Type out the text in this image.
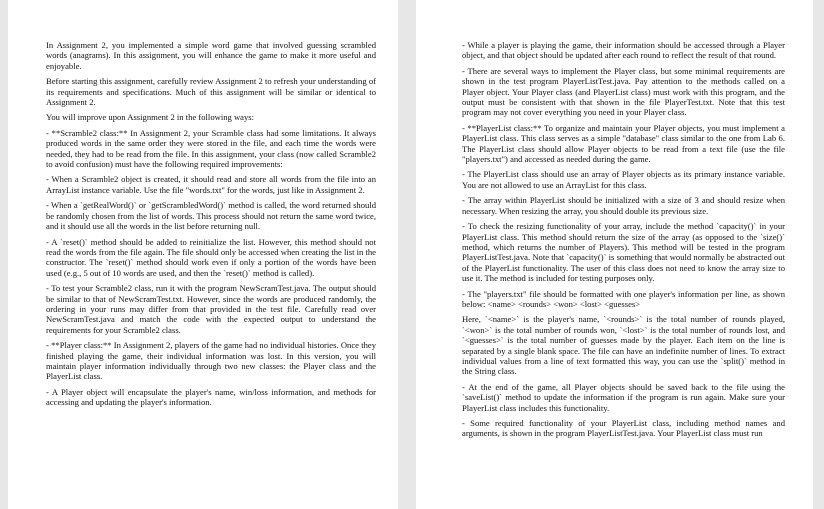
In Assignment 2, you implemented a simple word game that involved guessing scrambled words (anagrams). In this assignment, you will enhance the game to make it more useful and enjoyable.

Before starting this assignment, carefully review Assignment 2 to refresh your understanding of its requirements and specifications. Much of this assignment will be similar or identical to Assignment 2.

You will improve upon Assignment 2 in the following ways:

- **Scramble2 class:** In Assignment 2, your Scramble class had some limitations. It always produced words in the same order they were stored in the file, and each time the words were needed, they had to be read from the file. In this assignment, your class (now called Scramble2 to avoid confusion) must have the following required improvements:

- When a Scramble2 object is created, it should read and store all words from the file into an ArrayList instance variable. Use the file "words.txt" for the words, just like in Assignment 2.

- When a `getRealWord()` or `getScrambledWord()` method is called, the word returned should be randomly chosen from the list of words. This process should not return the same word twice, and it should use all the words in the list before returning null.

- A `reset()` method should be added to reinitialize the list. However, this method should not read the words from the file again. The file should only be accessed when creating the list in the constructor. The `reset()` method should work even if only a portion of the words have been used (e.g., 5 out of 10 words are used, and then the `reset()` method is called).

- To test your Scramble2 class, run it with the program NewScramTest.java. The output should be similar to that of NewScramTest.txt. However, since the words are produced randomly, the ordering in your runs may differ from that provided in the test file. Carefully read over NewScramTest.java and match the code with the expected output to understand the requirements for your Scramble2 class.

- **Player class:** In Assignment 2, players of the game had no individual histories. Once they finished playing the game, their individual information was lost. In this version, you will maintain player information individually through two new classes: the Player class and the PlayerList class.

- A Player object will encapsulate the player's name, win/loss information, and methods for accessing and updating the player's information.

- While a player is playing the game, their information should be accessed through a Player object, and that object should be updated after each round to reflect the result of that round.

- There are several ways to implement the Player class, but some minimal requirements are shown in the test program PlayerListTest.java. Pay attention to the methods called on a Player object. Your Player class (and PlayerList class) must work with this program, and the output must be consistent with that shown in the file PlayerTest.txt. Note that this test program may not cover everything you need in your Player class.

- **PlayerList class:** To organize and maintain your Player objects, you must implement a PlayerList class. This class serves as a simple "database" class similar to the one from Lab 6. The PlayerList class should allow Player objects to be read from a text file (use the file "players.txt") and accessed as needed during the game.

- The PlayerList class should use an array of Player objects as its primary instance variable. You are not allowed to use an ArrayList for this class.

- The array within PlayerList should be initialized with a size of 3 and should resize when necessary. When resizing the array, you should double its previous size.

- To check the resizing functionality of your array, include the method `capacity()` in your PlayerList class. This method should return the size of the array (as opposed to the `size()` method, which returns the number of Players). This method will be tested in the program PlayerListTest.java. Note that `capacity()` is something that would normally be abstracted out of the PlayerList functionality. The user of this class does not need to know the array size to use it. The method is included for testing purposes only.

- The "players.txt" file should be formatted with one player's information per line, as shown below: <name> <rounds> <won> <lost> <guesses>

Here, `<name>` is the player's name, `<rounds>` is the total number of rounds played, `<won>` is the total number of rounds won, `<lost>` is the total number of rounds lost, and `<guesses>` is the total number of guesses made by the player. Each item on the line is separated by a single blank space. The file can have an indefinite number of lines. To extract individual values from a line of text formatted this way, you can use the `split()` method in the String class.

- At the end of the game, all Player objects should be saved back to the file using the `saveList()` method to update the information if the program is run again. Make sure your PlayerList class includes this functionality.

- Some required functionality of your PlayerList class, including method names and arguments, is shown in the program PlayerListTest.java. Your PlayerList class must run
